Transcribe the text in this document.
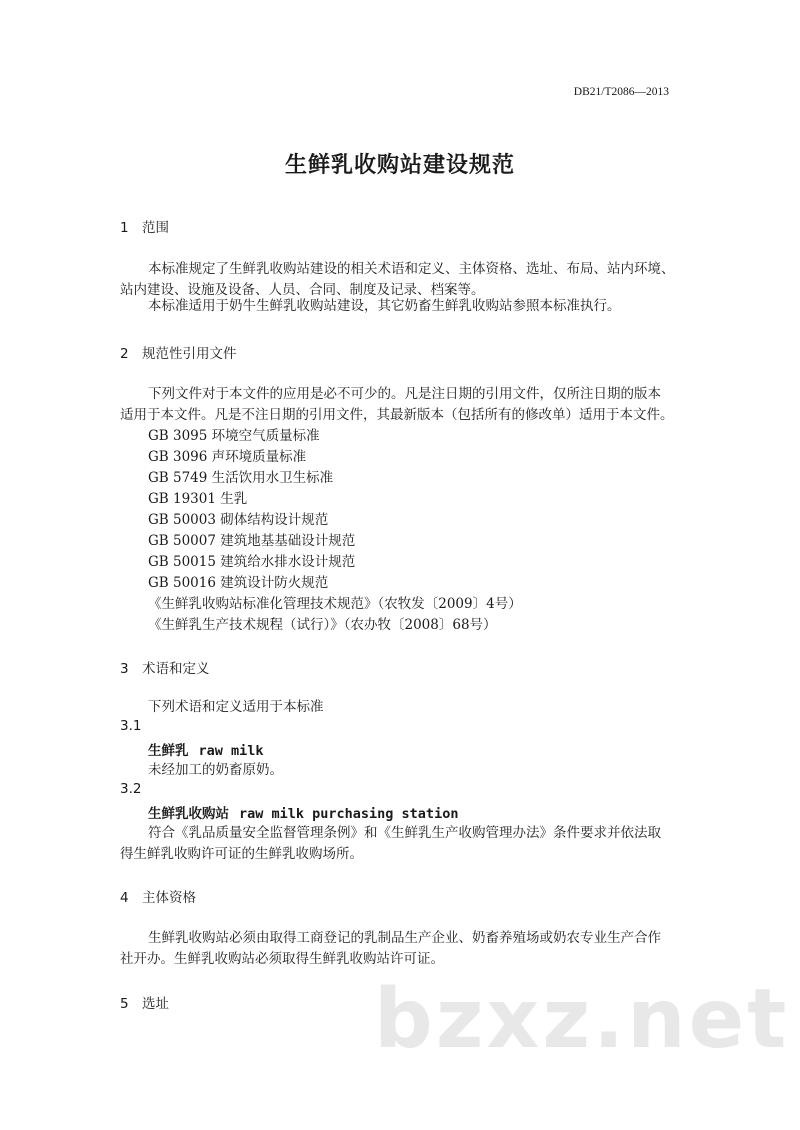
DB21/T2086—2013
生鲜乳收购站建设规范
1 范围
本标准规定了生鲜乳收购站建设的相关术语和定义、主体资格、选址、布局、站内环境、
站内建设、设施及设备、人员、合同、制度及记录、档案等。
本标准适用于奶牛生鲜乳收购站建设，其它奶畜生鲜乳收购站参照本标准执行。
2 规范性引用文件
下列文件对于本文件的应用是必不可少的。凡是注日期的引用文件，仅所注日期的版本
适用于本文件。凡是不注日期的引用文件，其最新版本（包括所有的修改单）适用于本文件。
GB 3095 环境空气质量标准
GB 3096 声环境质量标准
GB 5749 生活饮用水卫生标准
GB 19301 生乳
GB 50003 砌体结构设计规范
GB 50007 建筑地基基础设计规范
GB 50015 建筑给水排水设计规范
GB 50016 建筑设计防火规范
《生鲜乳收购站标准化管理技术规范》（农牧发〔2009〕4号）
《生鲜乳生产技术规程（试行）》（农办牧〔2008〕68号）
3 术语和定义
下列术语和定义适用于本标准
3.1
生鲜乳 raw milk
未经加工的奶畜原奶。
3.2
生鲜乳收购站 raw milk purchasing station
符合《乳品质量安全监督管理条例》和《生鲜乳生产收购管理办法》条件要求并依法取
得生鲜乳收购许可证的生鲜乳收购场所。
4 主体资格
生鲜乳收购站必须由取得工商登记的乳制品生产企业、奶畜养殖场或奶农专业生产合作
社开办。生鲜乳收购站必须取得生鲜乳收购站许可证。
5 选址	bzxz.net
